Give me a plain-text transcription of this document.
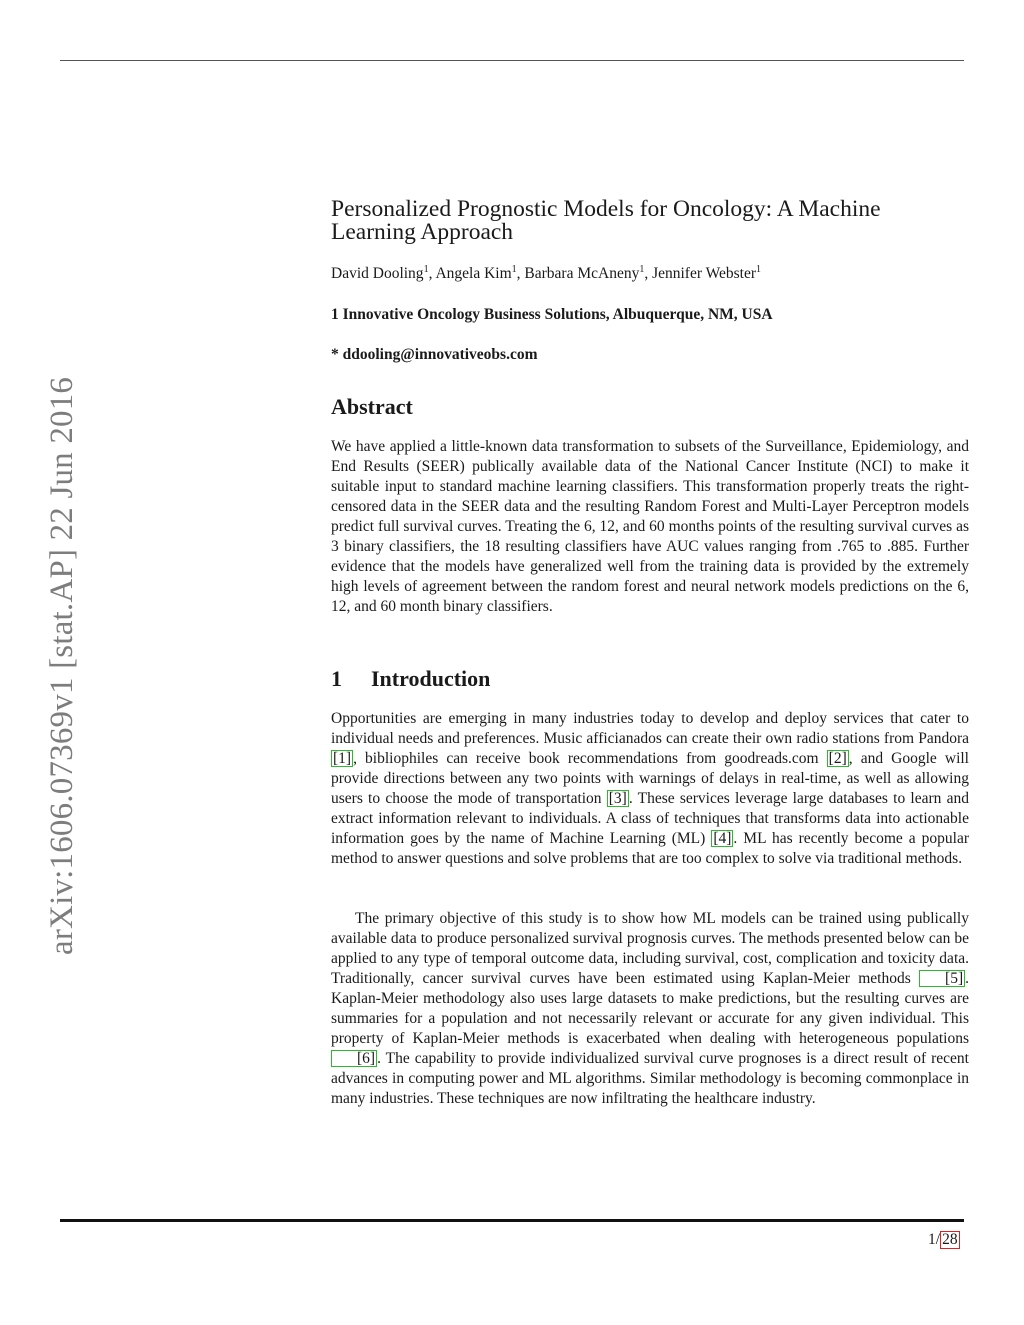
arXiv:1606.07369v1 [stat.AP] 22 Jun 2016
Personalized Prognostic Models for Oncology: A Machine Learning Approach

David Dooling$^1$, Angela Kim$^1$, Barbara McAneny$^1$, Jennifer Webster$^1$

1 Innovative Oncology Business Solutions, Albuquerque, NM, USA

* ddooling@innovativeobs.com

Abstract

We have applied a little-known data transformation to subsets of the Surveillance, Epidemiology, and End Results (SEER) publically available data of the National Cancer Institute (NCI) to make it suitable input to standard machine learning classifiers. This transformation properly treats the right-censored data in the SEER data and the resulting Random Forest and Multi-Layer Perceptron models predict full survival curves. Treating the 6, 12, and 60 months points of the resulting survival curves as 3 binary classifiers, the 18 resulting classifiers have AUC values ranging from .765 to .885. Further evidence that the models have generalized well from the training data is provided by the extremely high levels of agreement between the random forest and neural network models predictions on the 6, 12, and 60 month binary classifiers.

1 Introduction

Opportunities are emerging in many industries today to develop and deploy services that cater to individual needs and preferences. Music afficianados can create their own radio stations from Pandora [1] , bibliophiles can receive book recommendations from goodreads.com [2] , and Google will provide directions between any two points with warnings of delays in real-time, as well as allowing users to choose the mode of transportation [3] . These services leverage large databases to learn and extract information relevant to individuals. A class of techniques that transforms data into actionable information goes by the name of Machine Learning (ML) [4] . ML has recently become a popular method to answer questions and solve problems that are too complex to solve via traditional methods.

The primary objective of this study is to show how ML models can be trained using publically available data to produce personalized survival prognosis curves. The methods presented below can be applied to any type of temporal outcome data, including survival, cost, complication and toxicity data. Traditionally, cancer survival curves have been estimated using Kaplan-Meier methods [5] . Kaplan-Meier methodology also uses large datasets to make predictions, but the resulting curves are summaries for a population and not necessarily relevant or accurate for any given individual. This property of Kaplan-Meier methods is exacerbated when dealing with heterogeneous populations [6] . The capability to provide individualized survival curve prognoses is a direct result of recent advances in computing power and ML algorithms. Similar methodology is becoming commonplace in many industries. These techniques are now infiltrating the healthcare industry.

1/ 28
